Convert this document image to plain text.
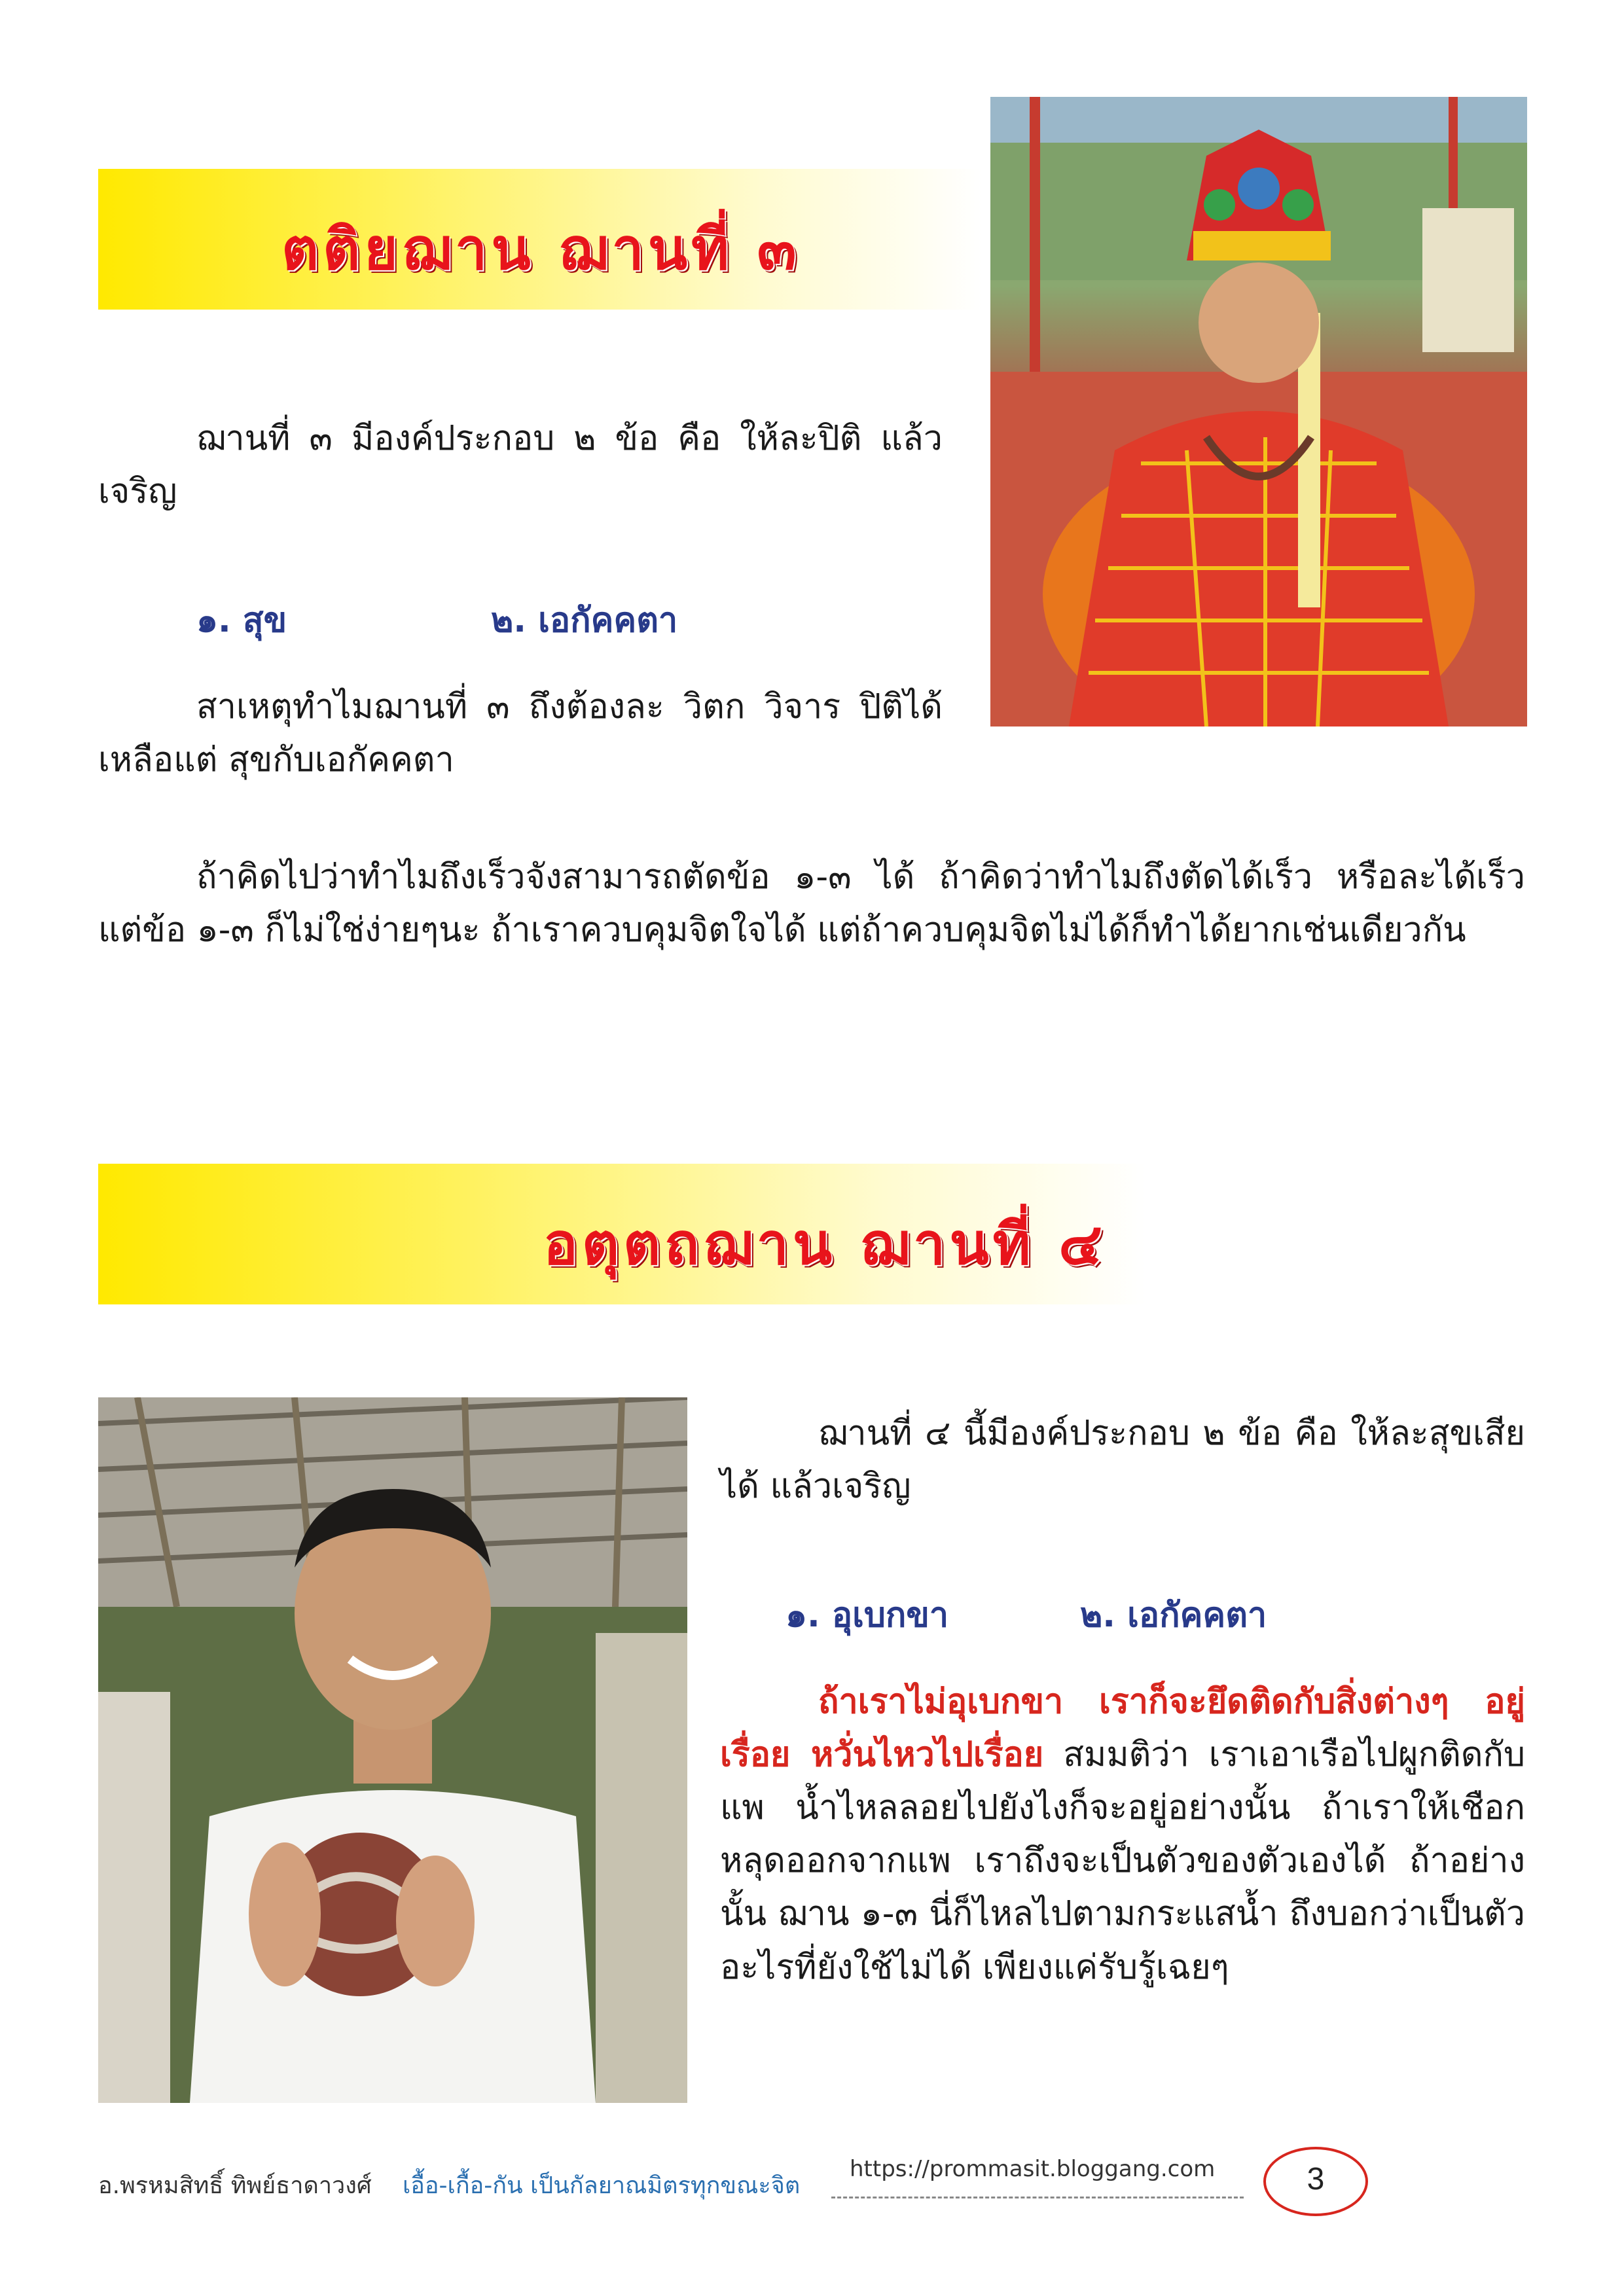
ตติยฌาน ฌานที่ ๓

ฌานที่ ๓ มีองค์ประกอบ ๒ ข้อ คือ ให้ละปิติ แล้วเจริญ

๑. สุข	๒. เอกัคคตา

สาเหตุทำไมฌานที่ ๓ ถึงต้องละ วิตก วิจาร ปิติได้ เหลือแต่ สุขกับเอกัคคตา

ถ้าคิดไปว่าทำไมถึงเร็วจังสามารถตัดข้อ ๑-๓ ได้ ถ้าคิดว่าทำไมถึงตัดได้เร็ว หรือละได้เร็ว แต่ข้อ ๑-๓ ก็ไม่ใช่ง่ายๆนะ ถ้าเราควบคุมจิตใจได้ แต่ถ้าควบคุมจิตไม่ได้ก็ทำได้ยากเช่นเดียวกัน

อตุตถฌาน ฌานที่ ๔

ฌานที่ ๔ นี้มีองค์ประกอบ ๒ ข้อ คือ ให้ละสุขเสียได้ แล้วเจริญ

๑. อุเบกขา	๒. เอกัคคตา

ถ้าเราไม่อุเบกขา เราก็จะยึดติดกับสิ่งต่างๆ อยู่เรื่อย หวั่นไหวไปเรื่อย สมมติว่า เราเอาเรือไปผูกติดกับแพ น้ำไหลลอยไปยังไงก็จะอยู่อย่างนั้น ถ้าเราให้เชือกหลุดออกจากแพ เราถึงจะเป็นตัวของตัวเองได้ ถ้าอย่างนั้น ฌาน ๑-๓ นี่ก็ไหลไปตามกระแสน้ำ ถึงบอกว่าเป็นตัวอะไรที่ยังใช้ไม่ได้ เพียงแค่รับรู้เฉยๆ

อ.พรหมสิทธิ์ ทิพย์ธาดาวงศ์ เอื้อ-เกื้อ-กัน เป็นกัลยาณมิตรทุกขณะจิต
https://prommasit.bloggang.com	3
